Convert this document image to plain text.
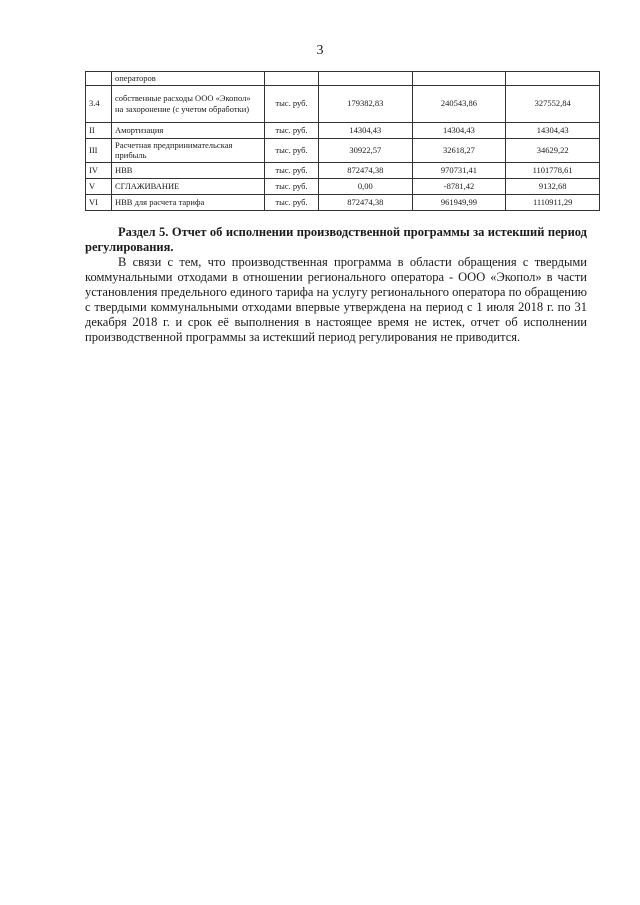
3
	операторов				
3.4	собственные расходы ООО «Экопол» на захоронение (с учетом обработки)	тыс. руб.	179382,83	240543,86	327552,84
II	Амортизация	тыс. руб.	14304,43	14304,43	14304,43
III	Расчетная предпринимательская прибыль	тыс. руб.	30922,57	32618,27	34629,22
IV	НВВ	тыс. руб.	872474,38	970731,41	1101778,61
V	СГЛАЖИВАНИЕ	тыс. руб.	0,00	-8781,42	9132,68
VI	НВВ для расчета тарифа	тыс. руб.	872474,38	961949,99	1110911,29

Раздел 5. Отчет об исполнении производственной программы за истекший период регулирования.

В связи с тем, что производственная программа в области обращения с твердыми коммунальными отходами в отношении регионального оператора - ООО «Экопол» в части установления предельного единого тарифа на услугу регионального оператора по обращению с твердыми коммунальными отходами впервые утверждена на период с 1 июля 2018 г. по 31 декабря 2018 г. и срок её выполнения в настоящее время не истек, отчет об исполнении производственной программы за истекший период регулирования не приводится.
